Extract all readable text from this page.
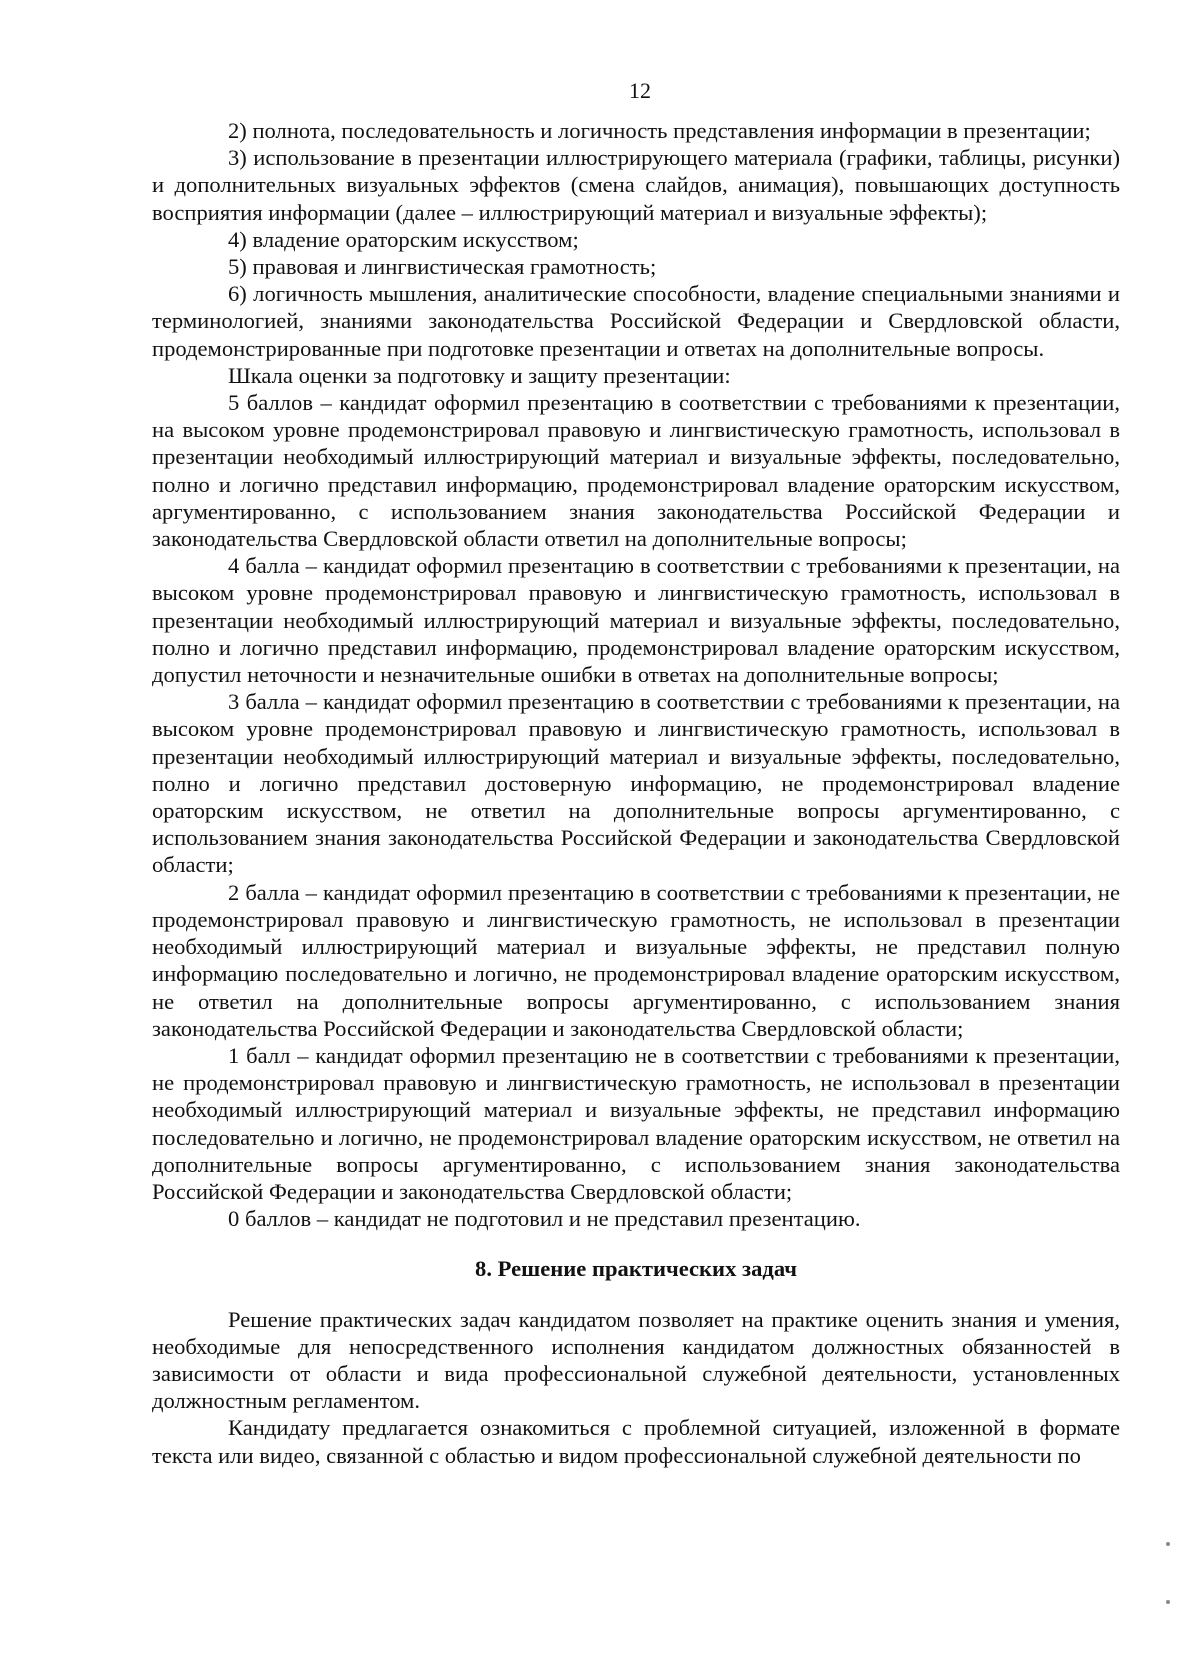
12

2) полнота, последовательность и логичность представления информации в презентации;

3) использование в презентации иллюстрирующего материала (графики, таблицы, рисунки) и дополнительных визуальных эффектов (смена слайдов, анимация), повышающих доступность восприятия информации (далее – иллюстрирующий материал и визуальные эффекты);

4) владение ораторским искусством;

5) правовая и лингвистическая грамотность;

6) логичность мышления, аналитические способности, владение специальными знаниями и терминологией, знаниями законодательства Российской Федерации и Свердловской области, продемонстрированные при подготовке презентации и ответах на дополнительные вопросы.

Шкала оценки за подготовку и защиту презентации:

5 баллов – кандидат оформил презентацию в соответствии с требованиями к презентации, на высоком уровне продемонстрировал правовую и лингвистическую грамотность, использовал в презентации необходимый иллюстрирующий материал и визуальные эффекты, последовательно, полно и логично представил информацию, продемонстрировал владение ораторским искусством, аргументированно, с использованием знания законодательства Российской Федерации и законодательства Свердловской области ответил на дополнительные вопросы;

4 балла – кандидат оформил презентацию в соответствии с требованиями к презентации, на высоком уровне продемонстрировал правовую и лингвистическую грамотность, использовал в презентации необходимый иллюстрирующий материал и визуальные эффекты, последовательно, полно и логично представил информацию, продемонстрировал владение ораторским искусством, допустил неточности и незначительные ошибки в ответах на дополнительные вопросы;

3 балла – кандидат оформил презентацию в соответствии с требованиями к презентации, на высоком уровне продемонстрировал правовую и лингвистическую грамотность, использовал в презентации необходимый иллюстрирующий материал и визуальные эффекты, последовательно, полно и логично представил достоверную информацию, не продемонстрировал владение ораторским искусством, не ответил на дополнительные вопросы аргументированно, с использованием знания законодательства Российской Федерации и законодательства Свердловской области;

2 балла – кандидат оформил презентацию в соответствии с требованиями к презентации, не продемонстрировал правовую и лингвистическую грамотность, не использовал в презентации необходимый иллюстрирующий материал и визуальные эффекты, не представил полную информацию последовательно и логично, не продемонстрировал владение ораторским искусством, не ответил на дополнительные вопросы аргументированно, с использованием знания законодательства Российской Федерации и законодательства Свердловской области;

1 балл – кандидат оформил презентацию не в соответствии с требованиями к презентации, не продемонстрировал правовую и лингвистическую грамотность, не использовал в презентации необходимый иллюстрирующий материал и визуальные эффекты, не представил информацию последовательно и логично, не продемонстрировал владение ораторским искусством, не ответил на дополнительные вопросы аргументированно, с использованием знания законодательства Российской Федерации и законодательства Свердловской области;

0 баллов – кандидат не подготовил и не представил презентацию.

8. Решение практических задач

Решение практических задач кандидатом позволяет на практике оценить знания и умения, необходимые для непосредственного исполнения кандидатом должностных обязанностей в зависимости от области и вида профессиональной служебной деятельности, установленных должностным регламентом.

Кандидату предлагается ознакомиться с проблемной ситуацией, изложенной в формате текста или видео, связанной с областью и видом профессиональной служебной деятельности по
